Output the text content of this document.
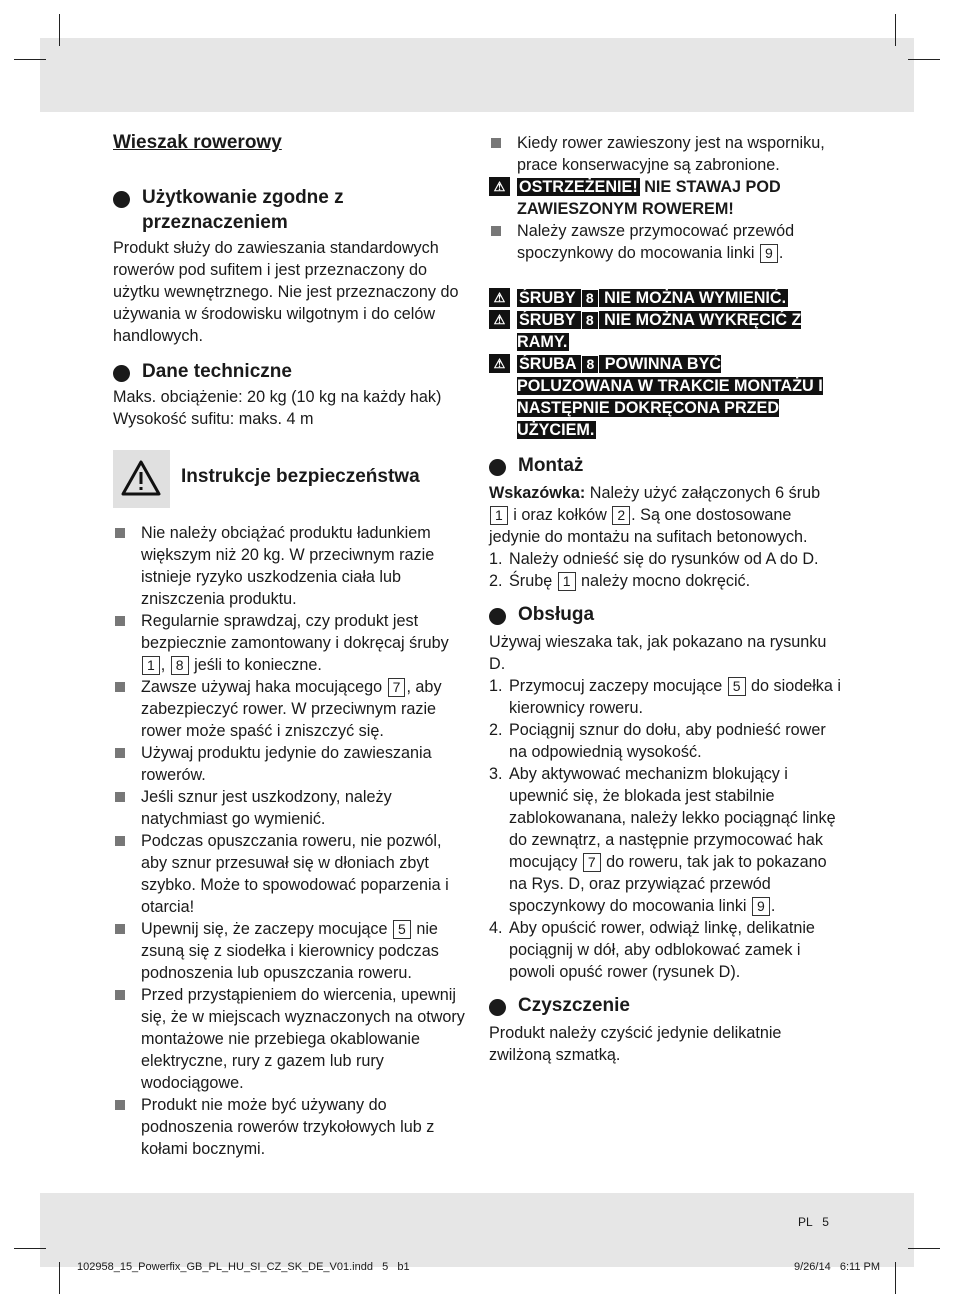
Wieszak rowerowy
Użytkowanie zgodne z przeznaczeniem

Produkt służy do zawieszania standardowych rowerów pod sufitem i jest przeznaczony do użytku wewnętrznego. Nie jest przeznaczony do używania w środowisku wilgotnym i do celów handlowych.

Dane techniczne

Maks. obciążenie: 20 kg (10 kg na każdy hak)

Wysokość sufitu: maks. 4 m

Instrukcje bezpieczeństwa
Nie należy obciążać produktu ładunkiem większym niż 20 kg. W przeciwnym razie istnieje ryzyko uszkodzenia ciała lub zniszczenia produktu.
Regularnie sprawdzaj, czy produkt jest bezpiecznie zamontowany i dokręcaj śruby 1 , 8 jeśli to konieczne.
Zawsze używaj haka mocującego 7 , aby zabezpieczyć rower. W przeciwnym razie rower może spaść i zniszczyć się.
Używaj produktu jedynie do zawieszania rowerów.
Jeśli sznur jest uszkodzony, należy natychmiast go wymienić.
Podczas opuszczania roweru, nie pozwól, aby sznur przesuwał się w dłoniach zbyt szybko. Może to spowodować poparzenia i otarcia!
Upewnij się, że zaczepy mocujące 5 nie zsuną się z siodełka i kierownicy podczas podnoszenia lub opuszczania roweru.
Przed przystąpieniem do wiercenia, upewnij się, że w miejscach wyznaczonych na otwory montażowe nie przebiega okablowanie elektryczne, rury z gazem lub rury wodociągowe.
Produkt nie może być używany do podnoszenia rowerów trzykołowych lub z kołami bocznymi.
Kiedy rower zawieszony jest na wsporniku, prace konserwacyjne są zabronione.
⚠ OSTRZEŻENIE! NIE STAWAJ POD ZAWIESZONYM ROWEREM!
Należy zawsze przymocować przewód spoczynkowy do mocowania linki 9 .
⚠ ŚRUBY 8 NIE MOŻNA WYMIENIĆ.
⚠ ŚRUBY 8 NIE MOŻNA WYKRĘCIĆ Z RAMY.
⚠ ŚRUBA 8 POWINNA BYĆ POLUZOWANA W TRAKCIE MONTAŻU I NASTĘPNIE DOKRĘCONA PRZED UŻYCIEM.
Montaż

Wskazówka: Należy użyć załączonych 6 śrub 1 i oraz kołków 2 . Są one dostosowane jedynie do montażu na sufitach betonowych.

1. Należy odnieść się do rysunków od A do D.
2. Śrubę 1 należy mocno dokręcić.
Obsługa

Używaj wieszaka tak, jak pokazano na rysunku D.

1. Przymocuj zaczepy mocujące 5 do siodełka i kierownicy roweru.
2. Pociągnij sznur do dołu, aby podnieść rower na odpowiednią wysokość.
3. Aby aktywować mechanizm blokujący i upewnić się, że blokada jest stabilnie zablokowanana, należy lekko pociągnąć linkę do zewnątrz, a następnie przymocować hak mocujący 7 do roweru, tak jak to pokazano na Rys. D, oraz przywiązać przewód spoczynkowy do mocowania linki 9 .
4. Aby opuścić rower, odwiąż linkę, delikatnie pociągnij w dół, aby odblokować zamek i powoli opuść rower (rysunek D).
Czyszczenie

Produkt należy czyścić jedynie delikatnie zwilżoną szmatką.

PL   5
102958_15_Powerfix_GB_PL_HU_SI_CZ_SK_DE_V01.indd   5   b1	9/26/14   6:11 PM
